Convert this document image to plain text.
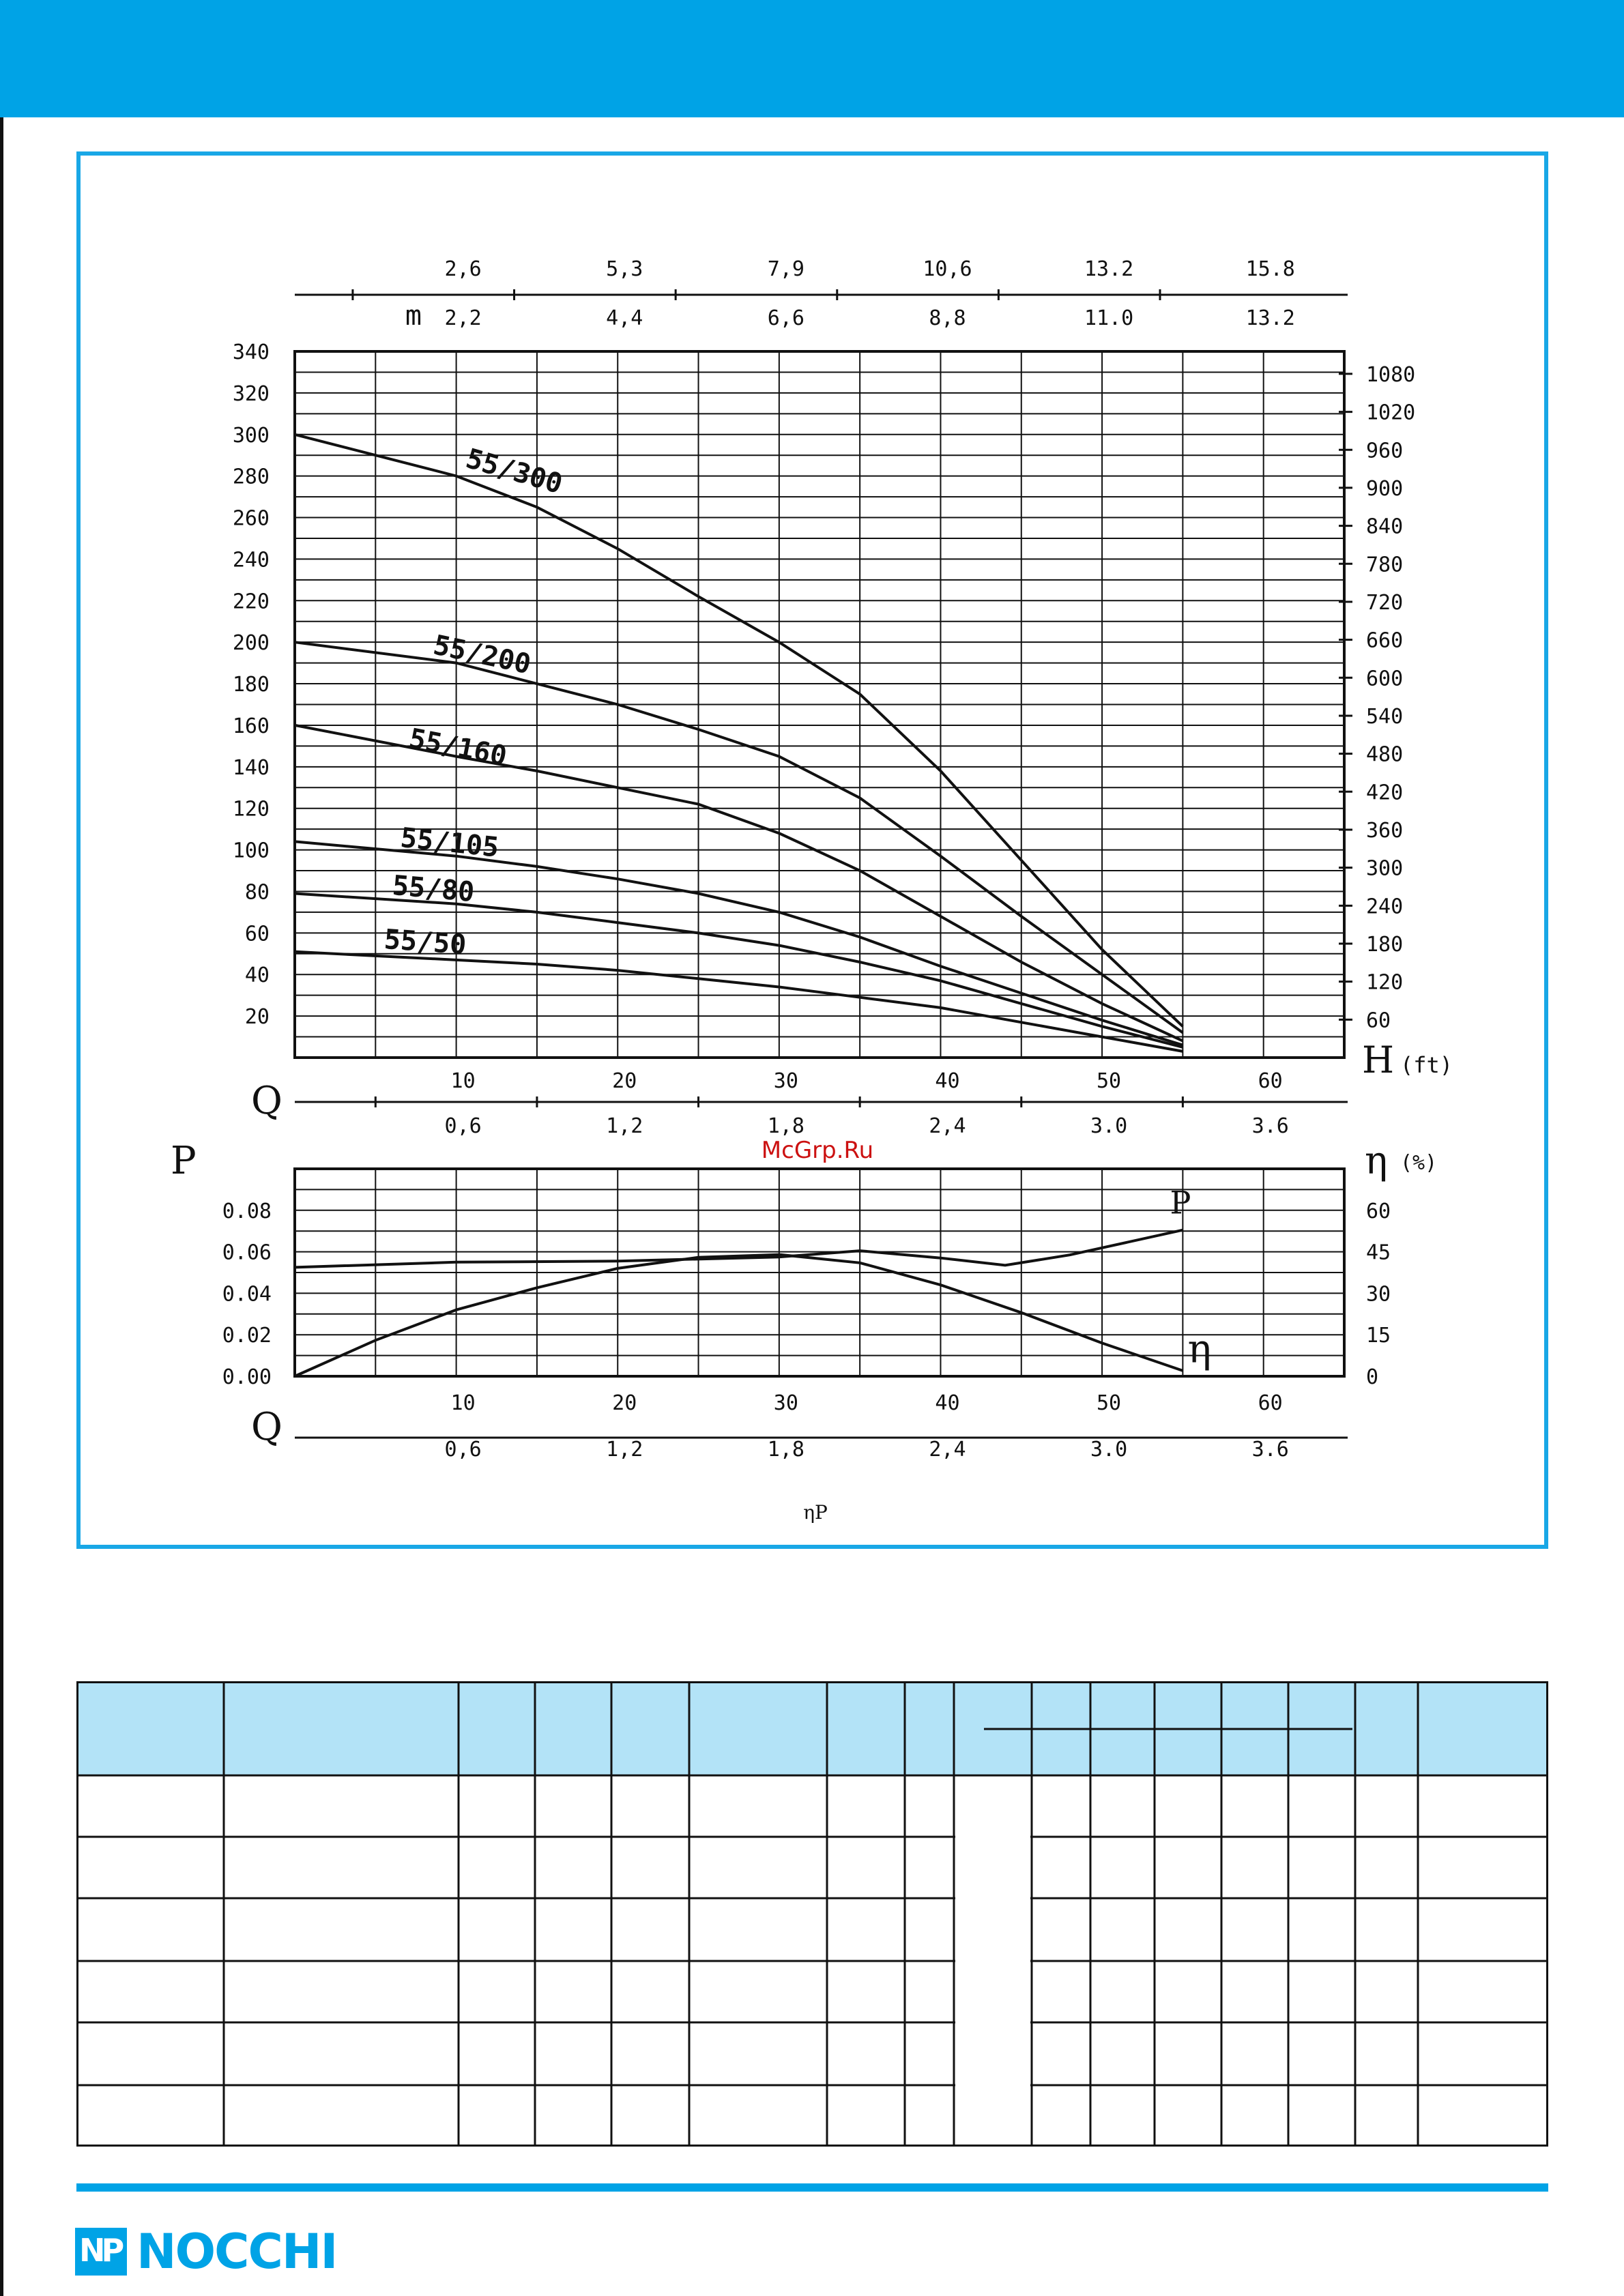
20
40
60
80
100
120
140
160
180
200
220
240
260
280
300
320
340
60
120
180
240
300
360
420
480
540
600
660
720
780
840
900
960
1020
1080
H (ft)
2,6	5,3	7,9	10,6	13.2	15.8
m 2,2	4,4	6,6	8,8	11.0	13.2
Q	10	20	30	40	50	60
0,6	1,2	1,8	2,4	3.0	3.6
55/300
55/200
55/160
55/105
55/80
55/50
McGrp.Ru
0.00
0.02
0.04
0.06
0.08
0
15
30
45
60
P	η (%)
P
η
Q
10	20	30	40	50	60
0,6	1,2	1,8	2,4	3.0	3.6
ηP
NP NOCCHI
